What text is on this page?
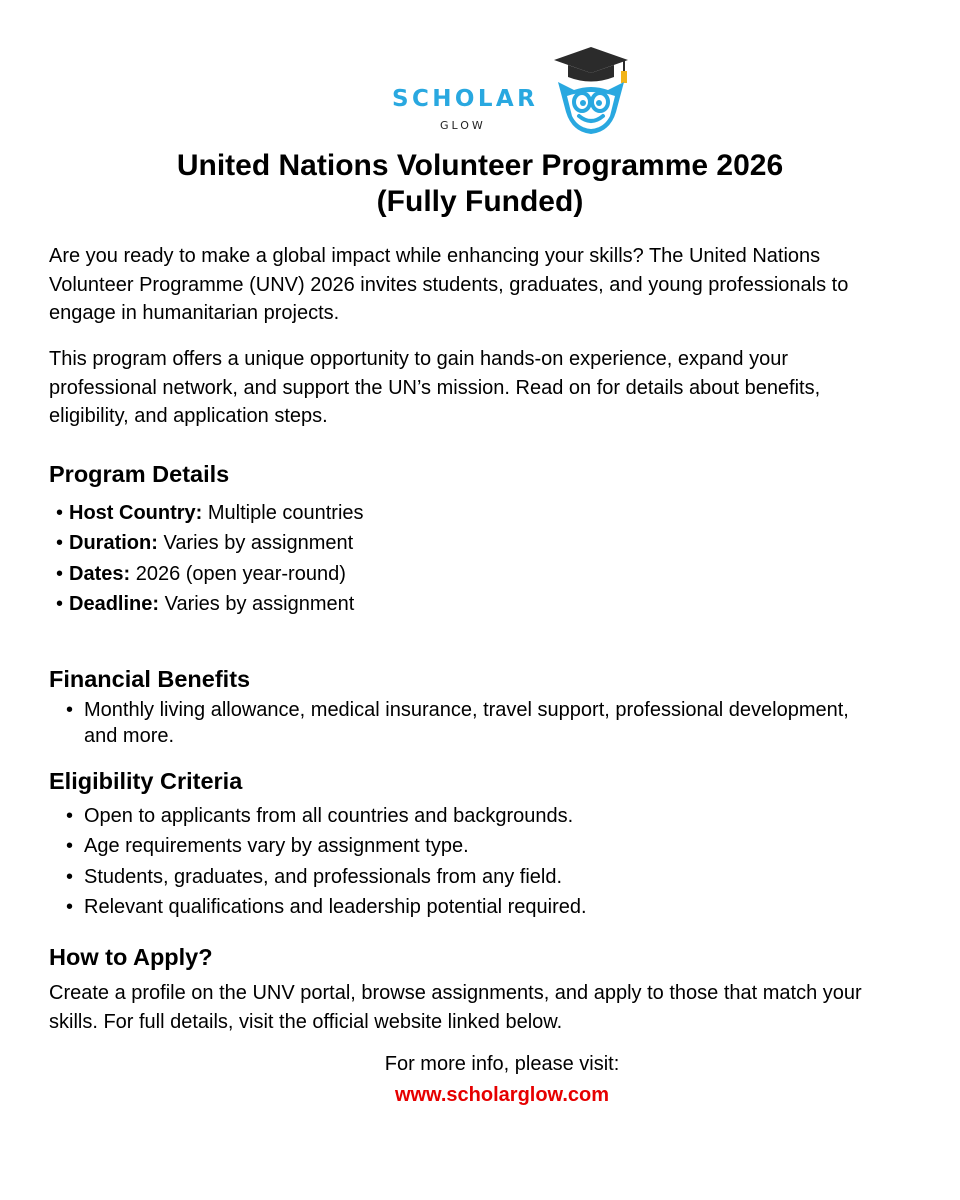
SCHOLAR
GLOW
United Nations Volunteer Programme 2026
(Fully Funded)
Are you ready to make a global impact while enhancing your skills? The United Nations
Volunteer Programme (UNV) 2026 invites students, graduates, and young professionals to
engage in humanitarian projects.
This program offers a unique opportunity to gain hands-on experience, expand your
professional network, and support the UN’s mission. Read on for details about benefits,
eligibility, and application steps.
Program Details
• Host Country: Multiple countries
• Duration: Varies by assignment
• Dates: 2026 (open year-round)
• Deadline: Varies by assignment
Financial Benefits
• Monthly living allowance, medical insurance, travel support, professional development,
and more.
Eligibility Criteria
• Open to applicants from all countries and backgrounds.
• Age requirements vary by assignment type.
• Students, graduates, and professionals from any field.
• Relevant qualifications and leadership potential required.
How to Apply?
Create a profile on the UNV portal, browse assignments, and apply to those that match your
skills. For full details, visit the official website linked below.
For more info, please visit:
www.scholarglow.com
